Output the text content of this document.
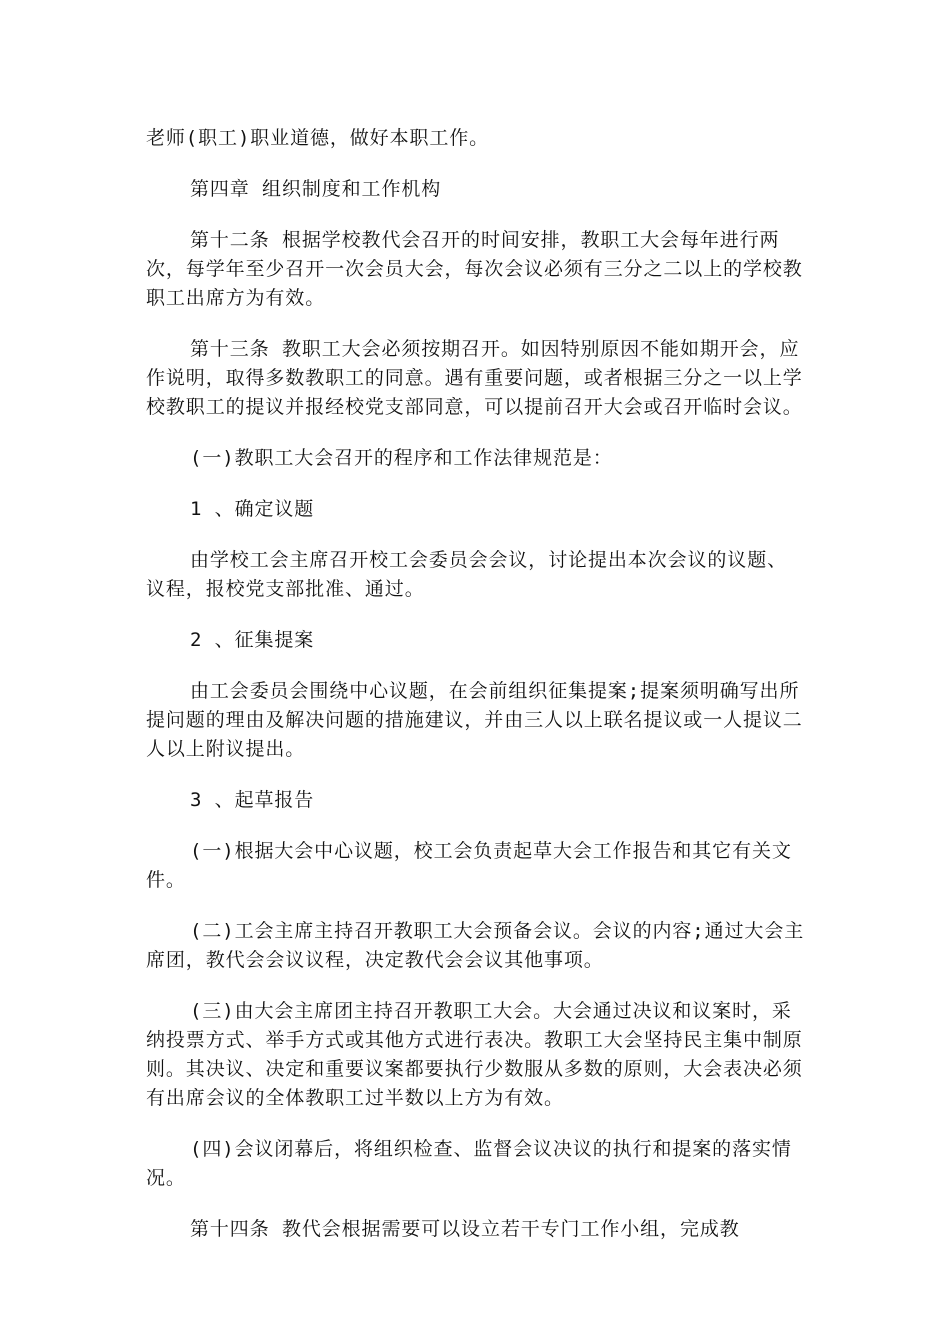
老师(职工)职业道德，做好本职工作。

第四章 组织制度和工作机构

第十二条 根据学校教代会召开的时间安排，教职工大会每年进行两次，每学年至少召开一次会员大会，每次会议必须有三分之二以上的学校教职工出席方为有效。

第十三条 教职工大会必须按期召开。如因特别原因不能如期开会，应作说明，取得多数教职工的同意。遇有重要问题，或者根据三分之一以上学校教职工的提议并报经校党支部同意，可以提前召开大会或召开临时会议。

(一)教职工大会召开的程序和工作法律规范是：

1 、确定议题

由学校工会主席召开校工会委员会会议，讨论提出本次会议的议题、议程，报校党支部批准、通过。

2 、征集提案

由工会委员会围绕中心议题，在会前组织征集提案;提案须明确写出所提问题的理由及解决问题的措施建议，并由三人以上联名提议或一人提议二人以上附议提出。

3 、起草报告

(一)根据大会中心议题，校工会负责起草大会工作报告和其它有关文件。

(二)工会主席主持召开教职工大会预备会议。会议的内容;通过大会主席团，教代会会议议程，决定教代会会议其他事项。

(三)由大会主席团主持召开教职工大会。大会通过决议和议案时，采纳投票方式、举手方式或其他方式进行表决。教职工大会坚持民主集中制原则。其决议、决定和重要议案都要执行少数服从多数的原则，大会表决必须有出席会议的全体教职工过半数以上方为有效。

(四)会议闭幕后，将组织检查、监督会议决议的执行和提案的落实情况。

第十四条 教代会根据需要可以设立若干专门工作小组，完成教
